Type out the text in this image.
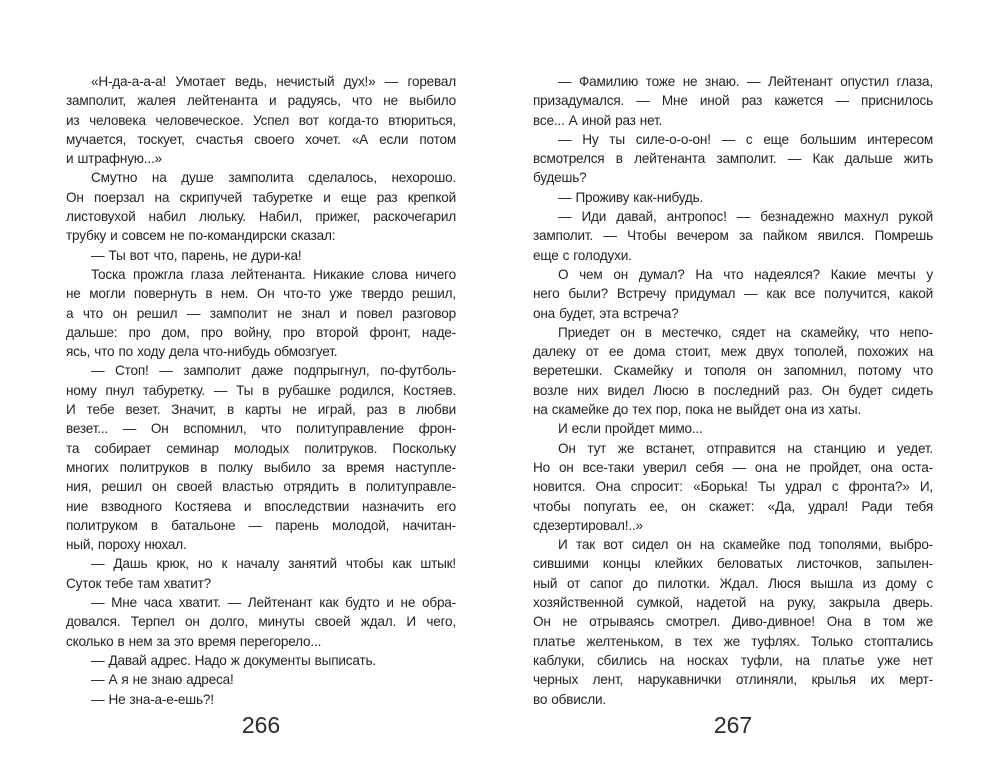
«Н-да-а-а-а! Умотает ведь, нечистый дух!» — горевал
замполит, жалея лейтенанта и радуясь, что не выбило
из человека человеческое. Успел вот когда-то втюриться,
мучается, тоскует, счастья своего хочет. «А если потом
и штрафную...»
Смутно на душе замполита сделалось, нехорошо.
Он поерзал на скрипучей табуретке и еще раз крепкой
листовухой набил люльку. Набил, прижег, раскочегарил
трубку и совсем не по-командирски сказал:
— Ты вот что, парень, не дури-ка!
Тоска прожгла глаза лейтенанта. Никакие слова ничего
не могли повернуть в нем. Он что-то уже твердо решил,
а что он решил — замполит не знал и повел разговор
дальше: про дом, про войну, про второй фронт, наде-
ясь, что по ходу дела что-нибудь обмозгует.
— Стоп! — замполит даже подпрыгнул, по-футболь-
ному пнул табуретку. — Ты в рубашке родился, Костяев.
И тебе везет. Значит, в карты не играй, раз в любви
везет... — Он вспомнил, что политуправление фрон-
та собирает семинар молодых политруков. Поскольку
многих политруков в полку выбило за время наступле-
ния, решил он своей властью отрядить в политуправле-
ние взводного Костяева и впоследствии назначить его
политруком в батальоне — парень молодой, начитан-
ный, пороху нюхал.
— Дашь крюк, но к началу занятий чтобы как штык!
Суток тебе там хватит?
— Мне часа хватит. — Лейтенант как будто и не обра-
довался. Терпел он долго, минуты своей ждал. И чего,
сколько в нем за это время перегорело...
— Давай адрес. Надо ж документы выписать.
— А я не знаю адреса!
— Не зна-а-е-ешь?!
266
— Фамилию тоже не знаю. — Лейтенант опустил глаза,
призадумался. — Мне иной раз кажется — приснилось
все... А иной раз нет.
— Ну ты силе-о-о-он! — с еще большим интересом
всмотрелся в лейтенанта замполит. — Как дальше жить
будешь?
— Проживу как-нибудь.
— Иди давай, антропос! — безнадежно махнул рукой
замполит. — Чтобы вечером за пайком явился. Помрешь
еще с голодухи.
О чем он думал? На что надеялся? Какие мечты у
него были? Встречу придумал — как все получится, какой
она будет, эта встреча?
Приедет он в местечко, сядет на скамейку, что непо-
далеку от ее дома стоит, меж двух тополей, похожих на
веретешки. Скамейку и тополя он запомнил, потому что
возле них видел Люсю в последний раз. Он будет сидеть
на скамейке до тех пор, пока не выйдет она из хаты.
И если пройдет мимо...
Он тут же встанет, отправится на станцию и уедет.
Но он все-таки уверил себя — она не пройдет, она оста-
новится. Она спросит: «Борька! Ты удрал с фронта?» И,
чтобы попугать ее, он скажет: «Да, удрал! Ради тебя
сдезертировал!..»
И так вот сидел он на скамейке под тополями, выбро-
сившими концы клейких беловатых листочков, запылен-
ный от сапог до пилотки. Ждал. Люся вышла из дому с
хозяйственной сумкой, надетой на руку, закрыла дверь.
Он не отрываясь смотрел. Диво-дивное! Она в том же
платье желтеньком, в тех же туфлях. Только стоптались
каблуки, сбились на носках туфли, на платье уже нет
черных лент, нарукавнички отлиняли, крылья их мерт-
во обвисли.
267
